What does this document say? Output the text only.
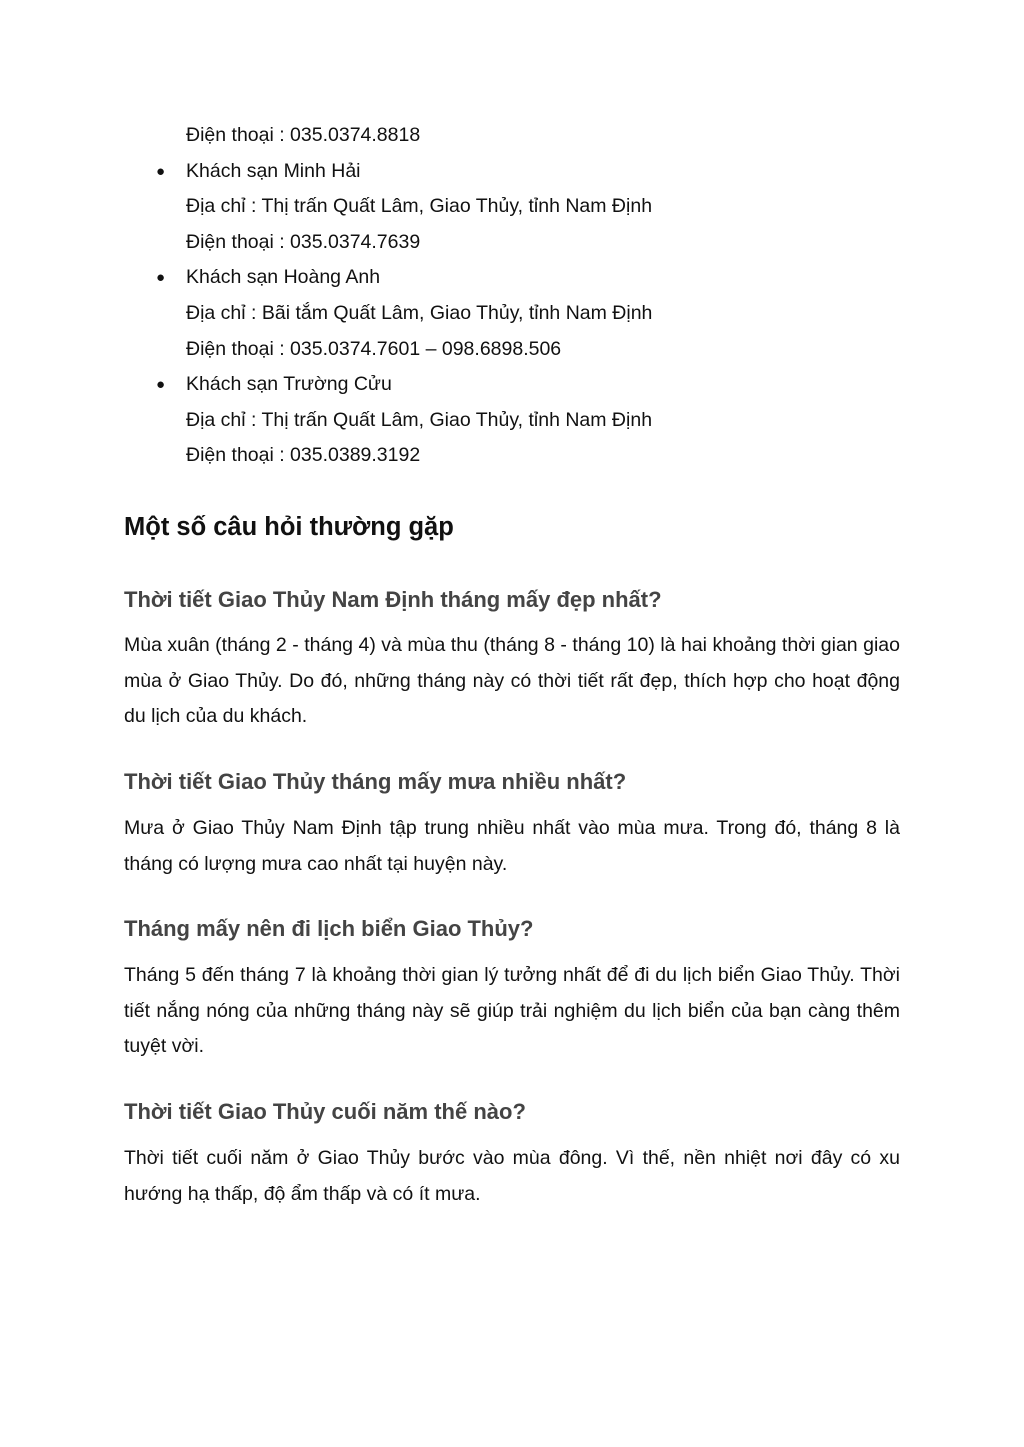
Điện thoại : 035.0374.8818
● Khách sạn Minh Hải
Địa chỉ : Thị trấn Quất Lâm, Giao Thủy, tỉnh Nam Định
Điện thoại : 035.0374.7639
● Khách sạn Hoàng Anh
Địa chỉ : Bãi tắm Quất Lâm, Giao Thủy, tỉnh Nam Định
Điện thoại : 035.0374.7601 – 098.6898.506
● Khách sạn Trường Cửu
Địa chỉ : Thị trấn Quất Lâm, Giao Thủy, tỉnh Nam Định
Điện thoại : 035.0389.3192
Một số câu hỏi thường gặp
Thời tiết Giao Thủy Nam Định tháng mấy đẹp nhất?

Mùa xuân (tháng 2 - tháng 4) và mùa thu (tháng 8 - tháng 10) là hai khoảng thời gian giao mùa ở Giao Thủy. Do đó, những tháng này có thời tiết rất đẹp, thích hợp cho hoạt động du lịch của du khách.

Thời tiết Giao Thủy tháng mấy mưa nhiều nhất?

Mưa ở Giao Thủy Nam Định tập trung nhiều nhất vào mùa mưa. Trong đó, tháng 8 là tháng có lượng mưa cao nhất tại huyện này.

Tháng mấy nên đi lịch biển Giao Thủy?

Tháng 5 đến tháng 7 là khoảng thời gian lý tưởng nhất để đi du lịch biển Giao Thủy. Thời tiết nắng nóng của những tháng này sẽ giúp trải nghiệm du lịch biển của bạn càng thêm tuyệt vời.

Thời tiết Giao Thủy cuối năm thế nào?

Thời tiết cuối năm ở Giao Thủy bước vào mùa đông. Vì thế, nền nhiệt nơi đây có xu hướng hạ thấp, độ ẩm thấp và có ít mưa.
